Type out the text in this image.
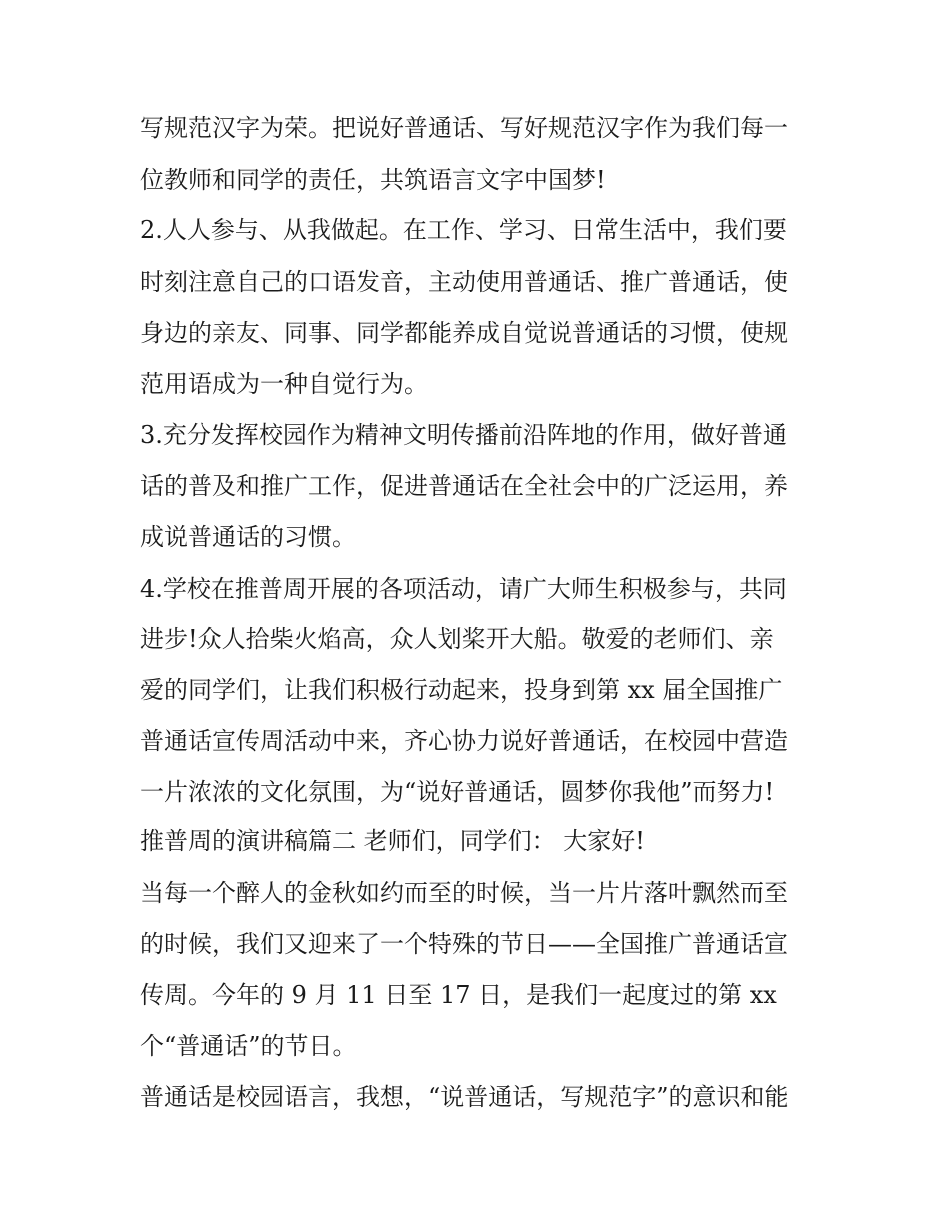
写规范汉字为荣。把说好普通话、写好规范汉字作为我们每一
位教师和同学的责任，共筑语言文字中国梦!
2.人人参与、从我做起。在工作、学习、日常生活中，我们要
时刻注意自己的口语发音，主动使用普通话、推广普通话，使
身边的亲友、同事、同学都能养成自觉说普通话的习惯，使规
范用语成为一种自觉行为。
3.充分发挥校园作为精神文明传播前沿阵地的作用，做好普通
话的普及和推广工作，促进普通话在全社会中的广泛运用，养
成说普通话的习惯。
4.学校在推普周开展的各项活动，请广大师生积极参与，共同
进步!众人拾柴火焰高，众人划桨开大船。敬爱的老师们、亲
爱的同学们，让我们积极行动起来，投身到第 xx 届全国推广
普通话宣传周活动中来，齐心协力说好普通话，在校园中营造
一片浓浓的文化氛围，为“说好普通话，圆梦你我他”而努力!
推普周的演讲稿篇二 老师们，同学们： 大家好!
当每一个醉人的金秋如约而至的时候，当一片片落叶飘然而至
的时候，我们又迎来了一个特殊的节日——全国推广普通话宣
传周。今年的 9 月 11 日至 17 日，是我们一起度过的第 xx
个“普通话”的节日。
普通话是校园语言，我想，“说普通话，写规范字”的意识和能
